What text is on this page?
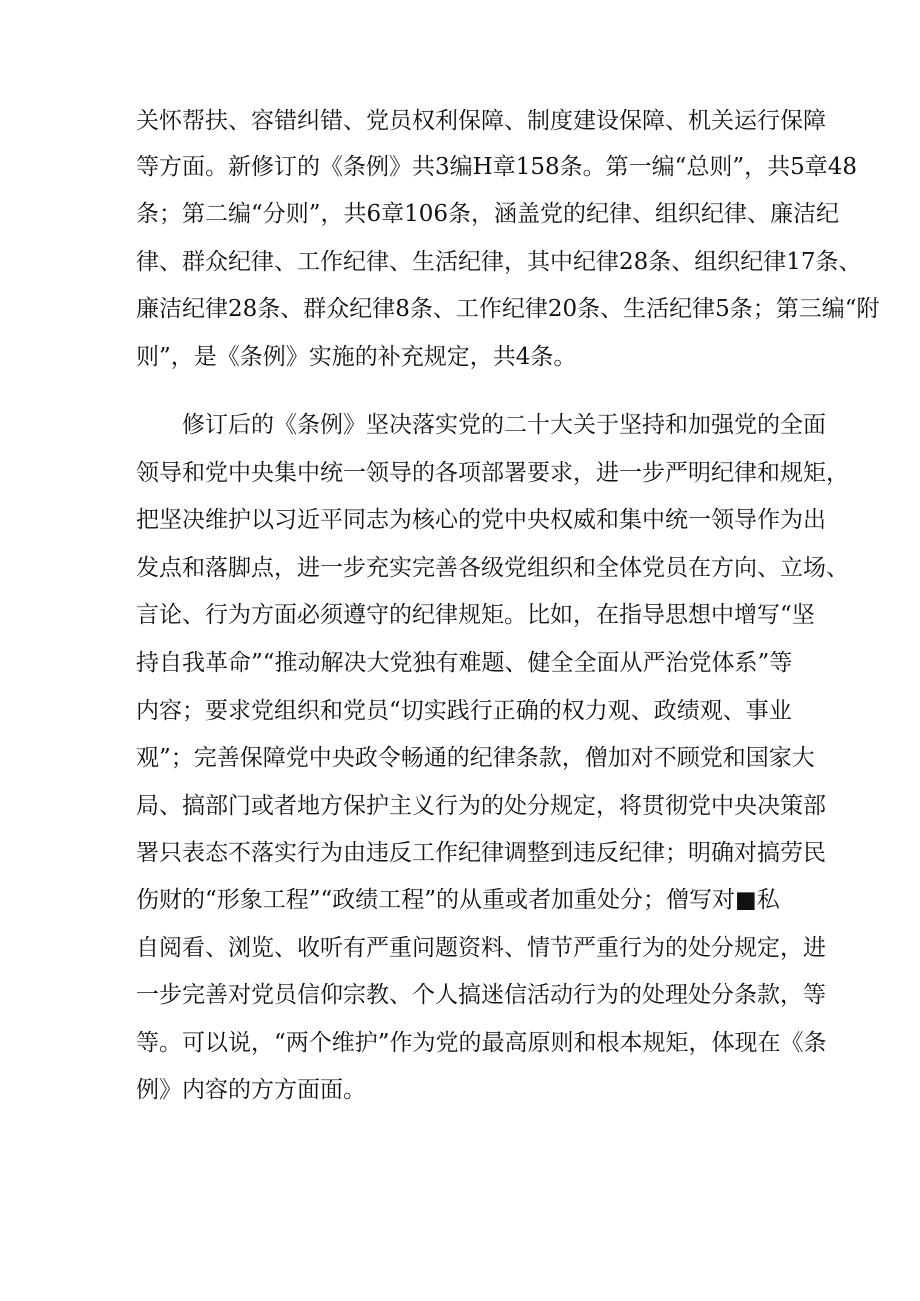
关怀帮扶、容错纠错、党员权利保障、制度建设保障、机关运行保障
等方面。新修订的《条例》共3编H章158条。第一编“总则”，共5章48
条；第二编“分则”，共6章106条，涵盖党的纪律、组织纪律、廉洁纪
律、群众纪律、工作纪律、生活纪律，其中纪律28条、组织纪律17条、
廉洁纪律28条、群众纪律8条、工作纪律20条、生活纪律5条；第三编“附
则”，是《条例》实施的补充规定，共4条。
修订后的《条例》坚决落实党的二十大关于坚持和加强党的全面
领导和党中央集中统一领导的各项部署要求，进一步严明纪律和规矩，
把坚决维护以习近平同志为核心的党中央权威和集中统一领导作为出
发点和落脚点，进一步充实完善各级党组织和全体党员在方向、立场、
言论、行为方面必须遵守的纪律规矩。比如，在指导思想中增写“坚
持自我革命”“推动解决大党独有难题、健全全面从严治党体系”等
内容；要求党组织和党员“切实践行正确的权力观、政绩观、事业
观”；完善保障党中央政令畅通的纪律条款，僧加对不顾党和国家大
局、搞部门或者地方保护主义行为的处分规定，将贯彻党中央决策部
署只表态不落实行为由违反工作纪律调整到违反纪律；明确对搞劳民
伤财的“形象工程”“政绩工程”的从重或者加重处分；僧写对■私
自阅看、浏览、收听有严重问题资料、情节严重行为的处分规定，进
一步完善对党员信仰宗教、个人搞迷信活动行为的处理处分条款，等
等。可以说，“两个维护”作为党的最高原则和根本规矩，体现在《条
例》内容的方方面面。
